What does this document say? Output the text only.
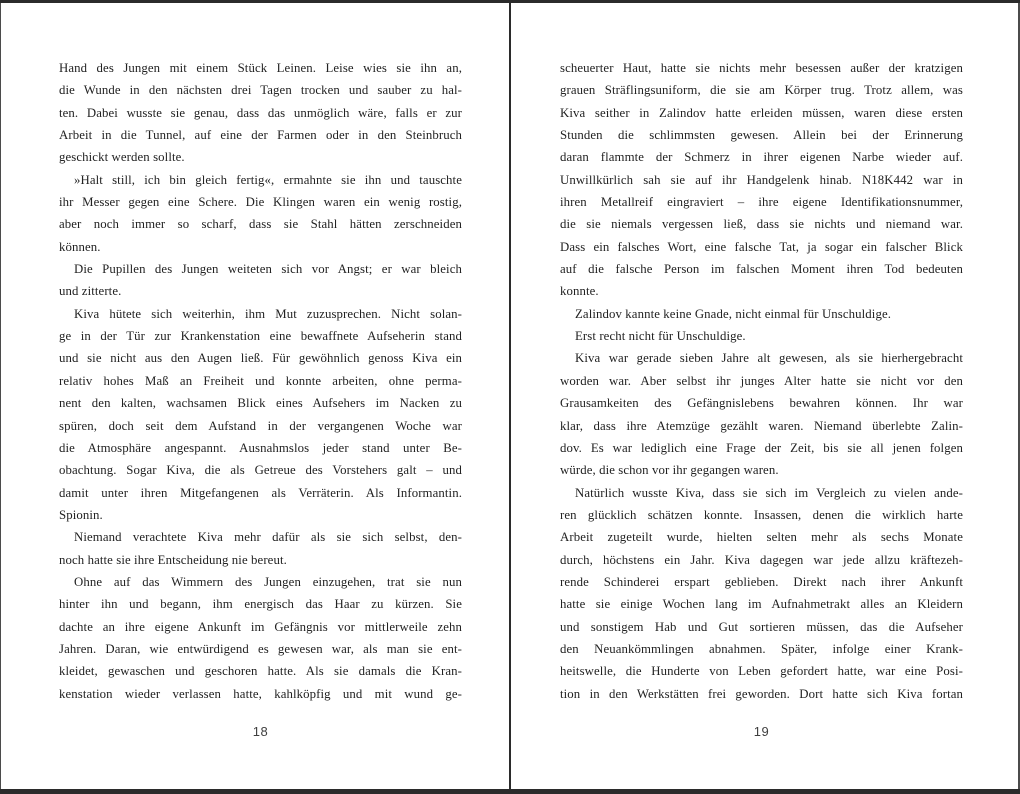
Hand des Jungen mit einem Stück Leinen. Leise wies sie ihn an,
die Wunde in den nächsten drei Tagen trocken und sauber zu hal-
ten. Dabei wusste sie genau, dass das unmöglich wäre, falls er zur
Arbeit in die Tunnel, auf eine der Farmen oder in den Steinbruch
geschickt werden sollte.
»Halt still, ich bin gleich fertig«, ermahnte sie ihn und tauschte
ihr Messer gegen eine Schere. Die Klingen waren ein wenig rostig,
aber noch immer so scharf, dass sie Stahl hätten zerschneiden
können.
Die Pupillen des Jungen weiteten sich vor Angst; er war bleich
und zitterte.
Kiva hütete sich weiterhin, ihm Mut zuzusprechen. Nicht solan-
ge in der Tür zur Krankenstation eine bewaffnete Aufseherin stand
und sie nicht aus den Augen ließ. Für gewöhnlich genoss Kiva ein
relativ hohes Maß an Freiheit und konnte arbeiten, ohne perma-
nent den kalten, wachsamen Blick eines Aufsehers im Nacken zu
spüren, doch seit dem Aufstand in der vergangenen Woche war
die Atmosphäre angespannt. Ausnahmslos jeder stand unter Be-
obachtung. Sogar Kiva, die als Getreue des Vorstehers galt – und
damit unter ihren Mitgefangenen als Verräterin. Als Informantin.
Spionin.
Niemand verachtete Kiva mehr dafür als sie sich selbst, den-
noch hatte sie ihre Entscheidung nie bereut.
Ohne auf das Wimmern des Jungen einzugehen, trat sie nun
hinter ihn und begann, ihm energisch das Haar zu kürzen. Sie
dachte an ihre eigene Ankunft im Gefängnis vor mittlerweile zehn
Jahren. Daran, wie entwürdigend es gewesen war, als man sie ent-
kleidet, gewaschen und geschoren hatte. Als sie damals die Kran-
kenstation wieder verlassen hatte, kahlköpfig und mit wund ge-
18
scheuerter Haut, hatte sie nichts mehr besessen außer der kratzigen
grauen Sträflingsuniform, die sie am Körper trug. Trotz allem, was
Kiva seither in Zalindov hatte erleiden müssen, waren diese ersten
Stunden die schlimmsten gewesen. Allein bei der Erinnerung
daran flammte der Schmerz in ihrer eigenen Narbe wieder auf.
Unwillkürlich sah sie auf ihr Handgelenk hinab. N18K442 war in
ihren Metallreif eingraviert – ihre eigene Identifikationsnummer,
die sie niemals vergessen ließ, dass sie nichts und niemand war.
Dass ein falsches Wort, eine falsche Tat, ja sogar ein falscher Blick
auf die falsche Person im falschen Moment ihren Tod bedeuten
konnte.
Zalindov kannte keine Gnade, nicht einmal für Unschuldige.
Erst recht nicht für Unschuldige.
Kiva war gerade sieben Jahre alt gewesen, als sie hierhergebracht
worden war. Aber selbst ihr junges Alter hatte sie nicht vor den
Grausamkeiten des Gefängnislebens bewahren können. Ihr war
klar, dass ihre Atemzüge gezählt waren. Niemand überlebte Zalin-
dov. Es war lediglich eine Frage der Zeit, bis sie all jenen folgen
würde, die schon vor ihr gegangen waren.
Natürlich wusste Kiva, dass sie sich im Vergleich zu vielen ande-
ren glücklich schätzen konnte. Insassen, denen die wirklich harte
Arbeit zugeteilt wurde, hielten selten mehr als sechs Monate
durch, höchstens ein Jahr. Kiva dagegen war jede allzu kräftezeh-
rende Schinderei erspart geblieben. Direkt nach ihrer Ankunft
hatte sie einige Wochen lang im Aufnahmetrakt alles an Kleidern
und sonstigem Hab und Gut sortieren müssen, das die Aufseher
den Neuankömmlingen abnahmen. Später, infolge einer Krank-
heitswelle, die Hunderte von Leben gefordert hatte, war eine Posi-
tion in den Werkstätten frei geworden. Dort hatte sich Kiva fortan
19
